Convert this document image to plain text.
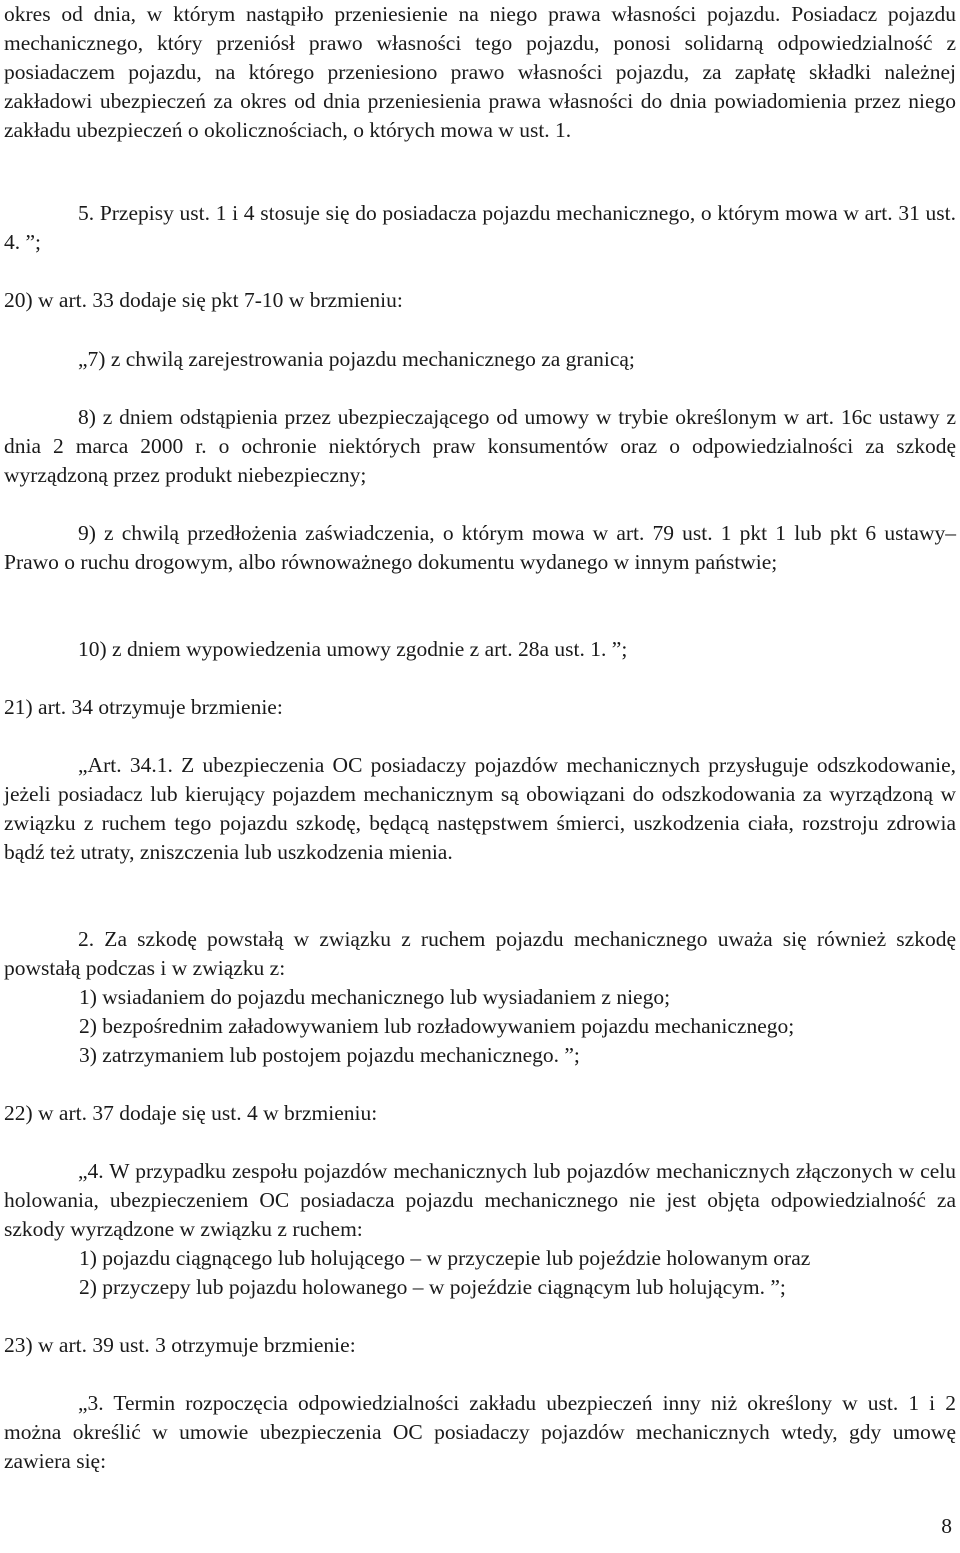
okres od dnia, w którym nastąpiło przeniesienie na niego prawa własności pojazdu. Posiadacz pojazdu mechanicznego, który przeniósł prawo własności tego pojazdu, ponosi solidarną odpowiedzialność z posiadaczem pojazdu, na którego przeniesiono prawo własności pojazdu, za zapłatę składki należnej zakładowi ubezpieczeń za okres od dnia przeniesienia prawa własności do dnia powiadomienia przez niego zakładu ubezpieczeń o okolicznościach, o których mowa w ust. 1.

5. Przepisy ust. 1 i 4 stosuje się do posiadacza pojazdu mechanicznego, o którym mowa w art. 31 ust. 4. ”;

20) w art. 33 dodaje się pkt 7-10 w brzmieniu:

„7) z chwilą zarejestrowania pojazdu mechanicznego za granicą;

8) z dniem odstąpienia przez ubezpieczającego od umowy w trybie określonym w art. 16c ustawy z dnia 2 marca 2000 r. o ochronie niektórych praw konsumentów oraz o odpowiedzialności za szkodę wyrządzoną przez produkt niebezpieczny;

9) z chwilą przedłożenia zaświadczenia, o którym mowa w art. 79 ust. 1 pkt 1 lub pkt 6 ustawy– Prawo o ruchu drogowym, albo równoważnego dokumentu wydanego w innym państwie;

10) z dniem wypowiedzenia umowy zgodnie z art. 28a ust. 1. ”;

21) art. 34 otrzymuje brzmienie:

„Art. 34.1. Z ubezpieczenia OC posiadaczy pojazdów mechanicznych przysługuje odszkodowanie, jeżeli posiadacz lub kierujący pojazdem mechanicznym są obowiązani do odszkodowania za wyrządzoną w związku z ruchem tego pojazdu szkodę, będącą następstwem śmierci, uszkodzenia ciała, rozstroju zdrowia bądź też utraty, zniszczenia lub uszkodzenia mienia.

2. Za szkodę powstałą w związku z ruchem pojazdu mechanicznego uważa się również szkodę powstałą podczas i w związku z:

1) wsiadaniem do pojazdu mechanicznego lub wysiadaniem z niego;

2) bezpośrednim załadowywaniem lub rozładowywaniem pojazdu mechanicznego;

3) zatrzymaniem lub postojem pojazdu mechanicznego. ”;

22) w art. 37 dodaje się ust. 4 w brzmieniu:

„4. W przypadku zespołu pojazdów mechanicznych lub pojazdów mechanicznych złączonych w celu holowania, ubezpieczeniem OC posiadacza pojazdu mechanicznego nie jest objęta odpowiedzialność za szkody wyrządzone w związku z ruchem:

1) pojazdu ciągnącego lub holującego – w przyczepie lub pojeździe holowanym oraz

2) przyczepy lub pojazdu holowanego – w pojeździe ciągnącym lub holującym. ”;

23) w art. 39 ust. 3 otrzymuje brzmienie:

„3. Termin rozpoczęcia odpowiedzialności zakładu ubezpieczeń inny niż określony w ust. 1 i 2 można określić w umowie ubezpieczenia OC posiadaczy pojazdów mechanicznych wtedy, gdy umowę zawiera się:

8
